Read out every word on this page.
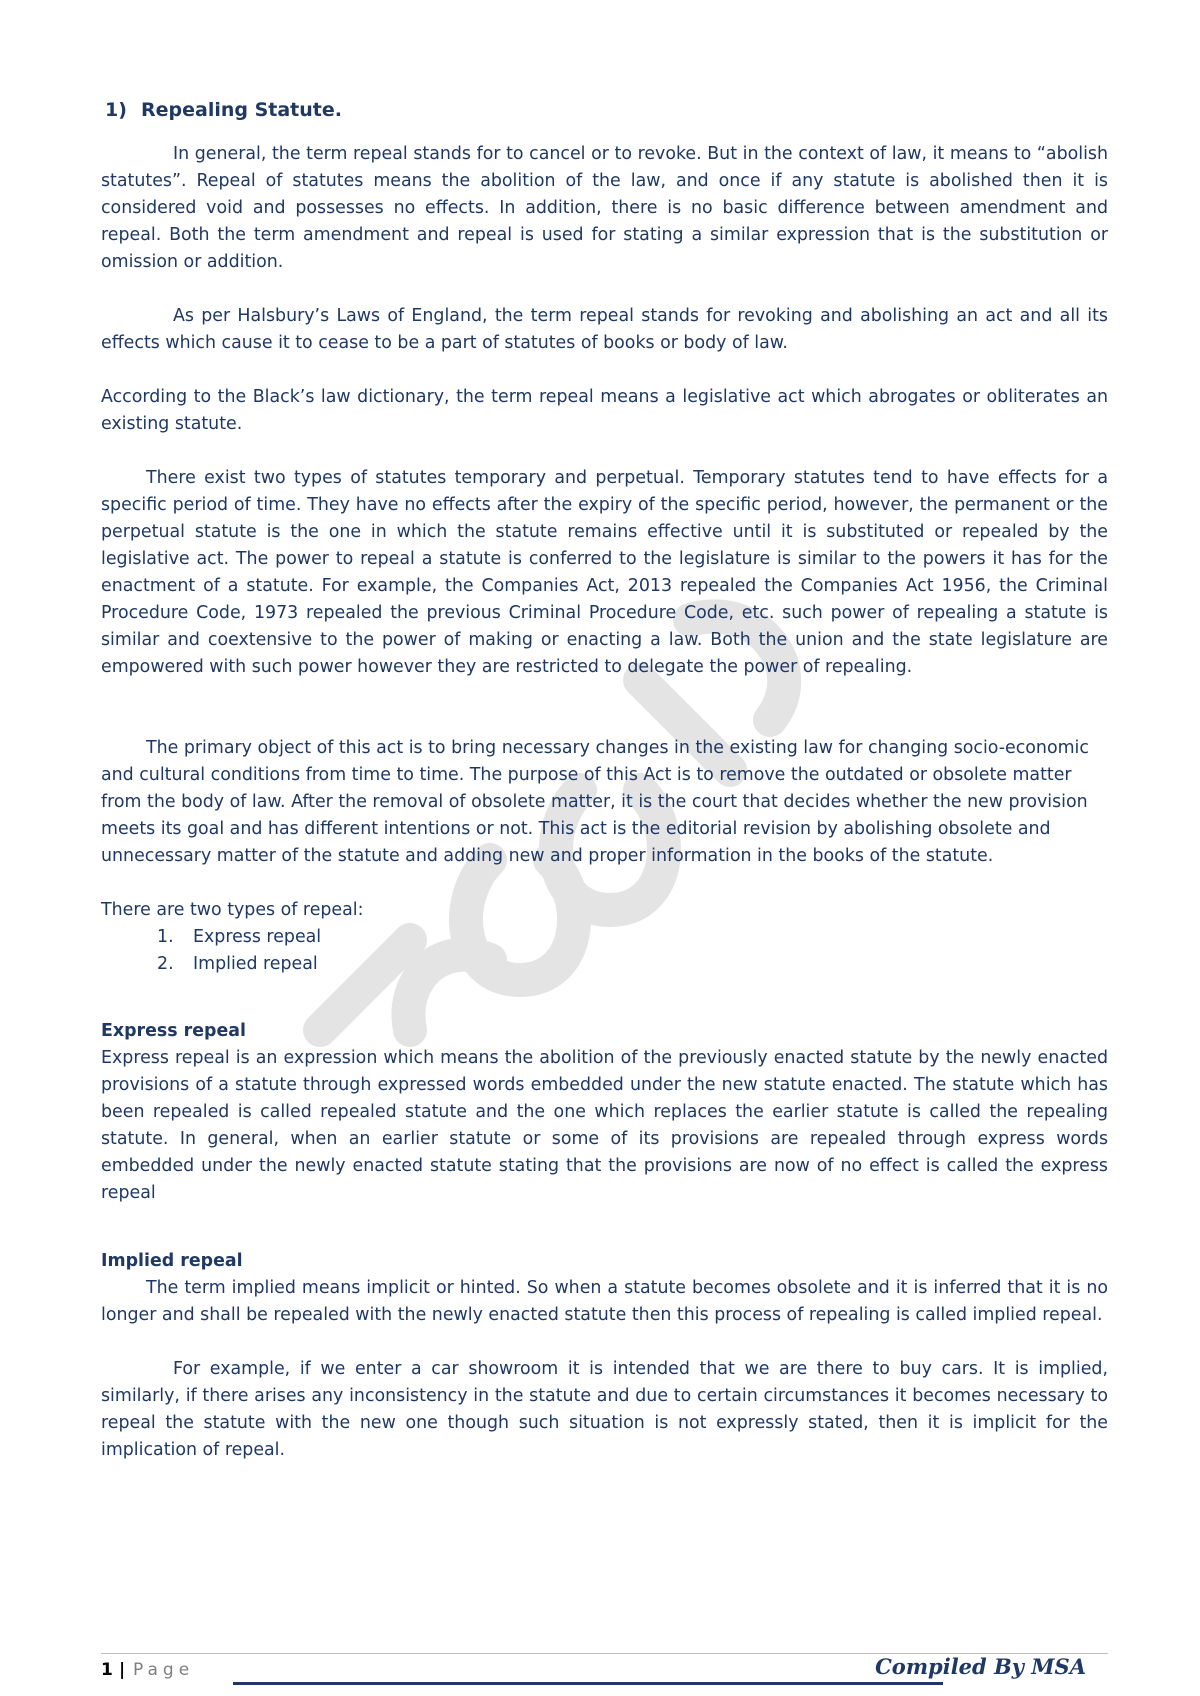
1) Repealing Statute.

In general, the term repeal stands for to cancel or to revoke. But in the context of law, it means to “abolish statutes”. Repeal of statutes means the abolition of the law, and once if any statute is abolished then it is considered void and possesses no effects. In addition, there is no basic difference between amendment and repeal. Both the term amendment and repeal is used for stating a similar expression that is the substitution or omission or addition.

As per Halsbury’s Laws of England, the term repeal stands for revoking and abolishing an act and all its effects which cause it to cease to be a part of statutes of books or body of law.

According to the Black’s law dictionary, the term repeal means a legislative act which abrogates or obliterates an existing statute.

There exist two types of statutes temporary and perpetual. Temporary statutes tend to have effects for a specific period of time. They have no effects after the expiry of the specific period, however, the permanent or the perpetual statute is the one in which the statute remains effective until it is substituted or repealed by the legislative act. The power to repeal a statute is conferred to the legislature is similar to the powers it has for the enactment of a statute. For example, the Companies Act, 2013 repealed the Companies Act 1956, the Criminal Procedure Code, 1973 repealed the previous Criminal Procedure Code, etc. such power of repealing a statute is similar and coextensive to the power of making or enacting a law. Both the union and the state legislature are empowered with such power however they are restricted to delegate the power of repealing.

The primary object of this act is to bring necessary changes in the existing law for changing socio-economic and cultural conditions from time to time. The purpose of this Act is to remove the outdated or obsolete matter from the body of law. After the removal of obsolete matter, it is the court that decides whether the new provision meets its goal and has different intentions or not. This act is the editorial revision by abolishing obsolete and unnecessary matter of the statute and adding new and proper information in the books of the statute.

There are two types of repeal:

1. Express repeal
2. Implied repeal
Express repeal

Express repeal is an expression which means the abolition of the previously enacted statute by the newly enacted provisions of a statute through expressed words embedded under the new statute enacted. The statute which has been repealed is called repealed statute and the one which replaces the earlier statute is called the repealing statute. In general, when an earlier statute or some of its provisions are repealed through express words embedded under the newly enacted statute stating that the provisions are now of no effect is called the express repeal

Implied repeal

The term implied means implicit or hinted. So when a statute becomes obsolete and it is inferred that it is no longer and shall be repealed with the newly enacted statute then this process of repealing is called implied repeal.

For example, if we enter a car showroom it is intended that we are there to buy cars. It is implied, similarly, if there arises any inconsistency in the statute and due to certain circumstances it becomes necessary to repeal the statute with the new one though such situation is not expressly stated, then it is implicit for the implication of repeal.

1 | Page	Compiled By MSA
